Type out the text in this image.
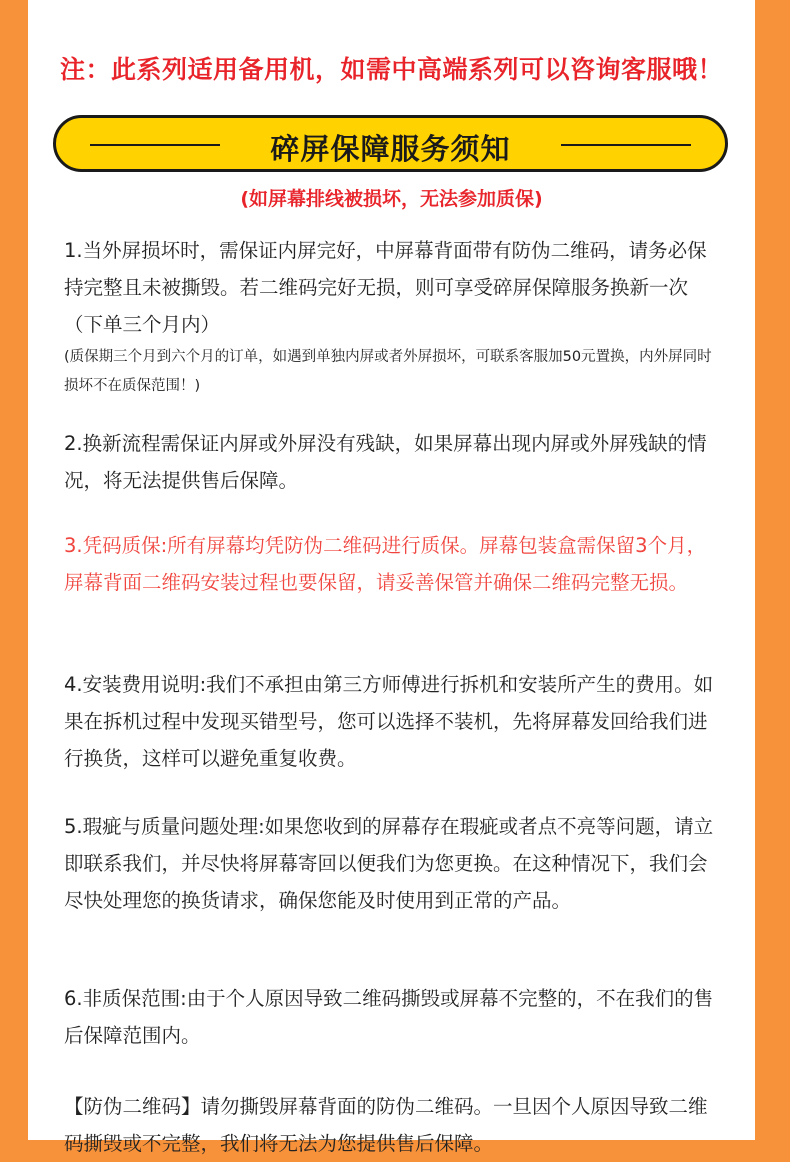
注：此系列适用备用机，如需中高端系列可以咨询客服哦！
碎屏保障服务须知
(如屏幕排线被损坏，无法参加质保)
1.当外屏损坏时，需保证内屏完好，中屏幕背面带有防伪二维码，请务必保持完整且未被撕毁。若二维码完好无损，则可享受碎屏保障服务换新一次（下单三个月内）
(质保期三个月到六个月的订单，如遇到单独内屏或者外屏损坏，可联系客服加50元置换，内外屏同时损坏不在质保范围！)
2.换新流程需保证内屏或外屏没有残缺，如果屏幕出现内屏或外屏残缺的情况，将无法提供售后保障。
3.凭码质保:所有屏幕均凭防伪二维码进行质保。屏幕包装盒需保留3个月，屏幕背面二维码安装过程也要保留，请妥善保管并确保二维码完整无损。
4.安装费用说明:我们不承担由第三方师傅进行拆机和安装所产生的费用。如果在拆机过程中发现买错型号，您可以选择不装机，先将屏幕发回给我们进行换货，这样可以避免重复收费。
5.瑕疵与质量问题处理:如果您收到的屏幕存在瑕疵或者点不亮等问题，请立即联系我们，并尽快将屏幕寄回以便我们为您更换。在这种情况下，我们会尽快处理您的换货请求，确保您能及时使用到正常的产品。
6.非质保范围:由于个人原因导致二维码撕毁或屏幕不完整的，不在我们的售后保障范围内。
【防伪二维码】请勿撕毁屏幕背面的防伪二维码。一旦因个人原因导致二维码撕毁或不完整，我们将无法为您提供售后保障。
